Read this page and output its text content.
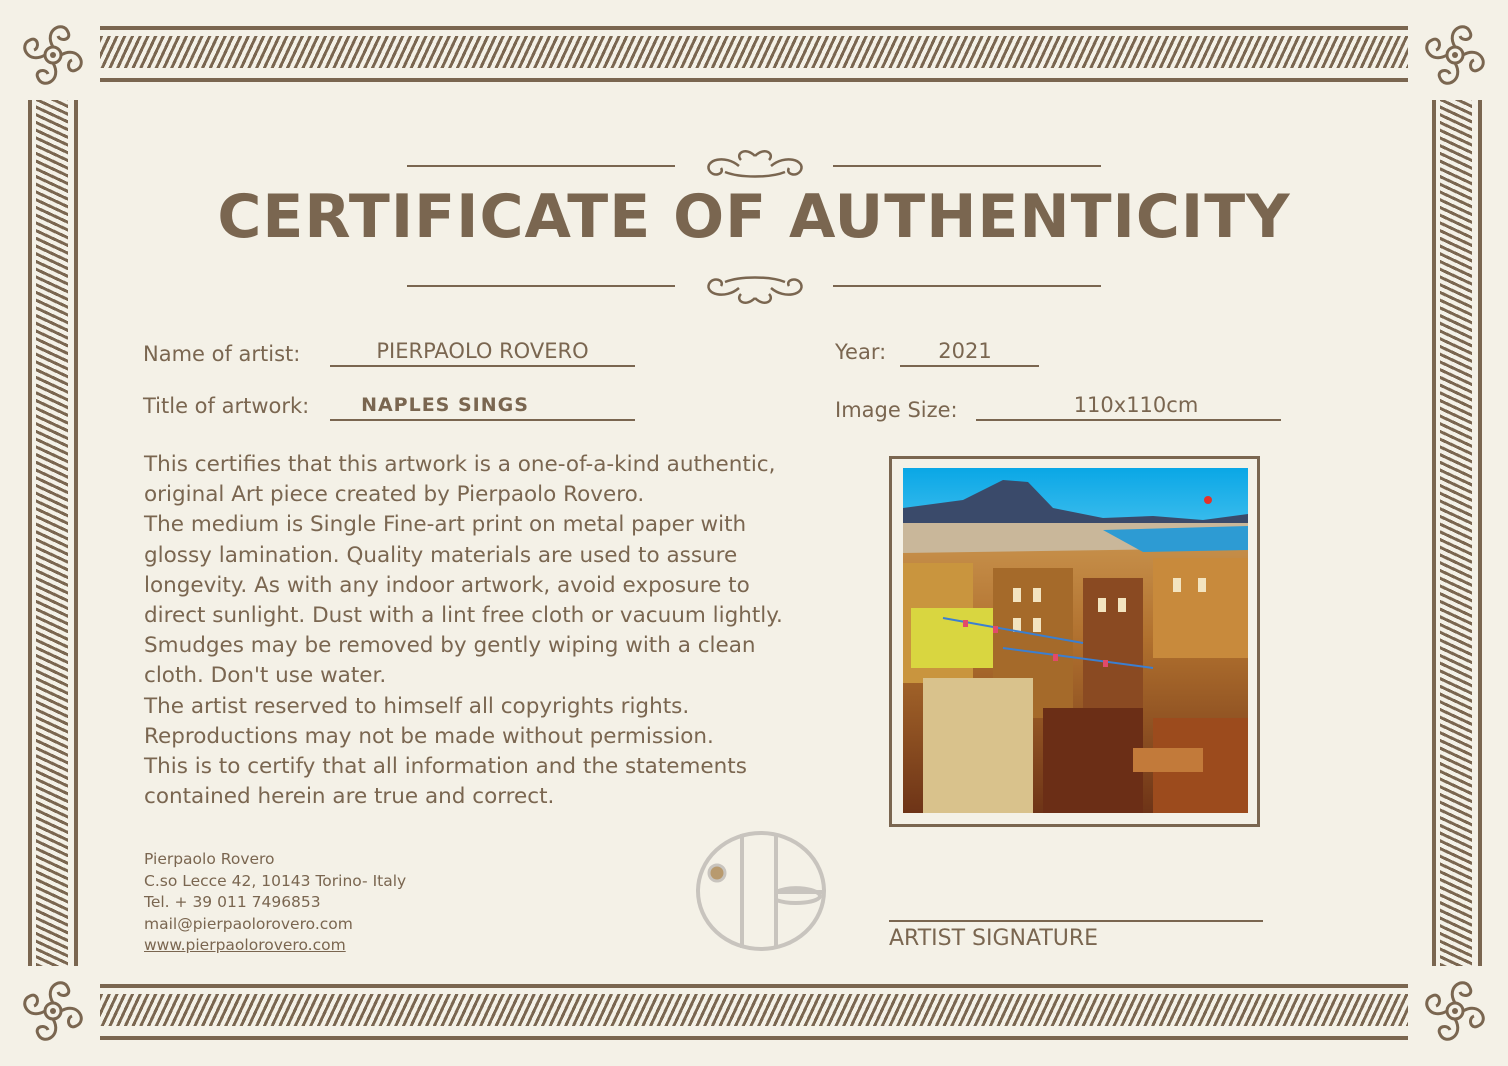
CERTIFICATE OF AUTHENTICITY
Name of artist:	PIERPAOLO ROVERO
Title of artwork:	NAPLES SINGS
Year:	2021
Image Size:	110x110cm

This certifies that this artwork is a one-of-a-kind authentic,

original Art piece created by Pierpaolo Rovero.

The medium is Single Fine-art print on metal paper with

glossy lamination. Quality materials are used to assure

longevity. As with any indoor artwork, avoid exposure to

direct sunlight. Dust with a lint free cloth or vacuum lightly.

Smudges may be removed by gently wiping with a clean

cloth. Don't use water.

The artist reserved to himself all copyrights rights.

Reproductions may not be made without permission.

This is to certify that all information and the statements

contained herein are true and correct.

Pierpaolo Rovero
C.so Lecce 42, 10143 Torino- Italy
Tel. + 39 011 7496853
mail@pierpaolorovero.com
www.pierpaolorovero.com	ARTIST SIGNATURE
